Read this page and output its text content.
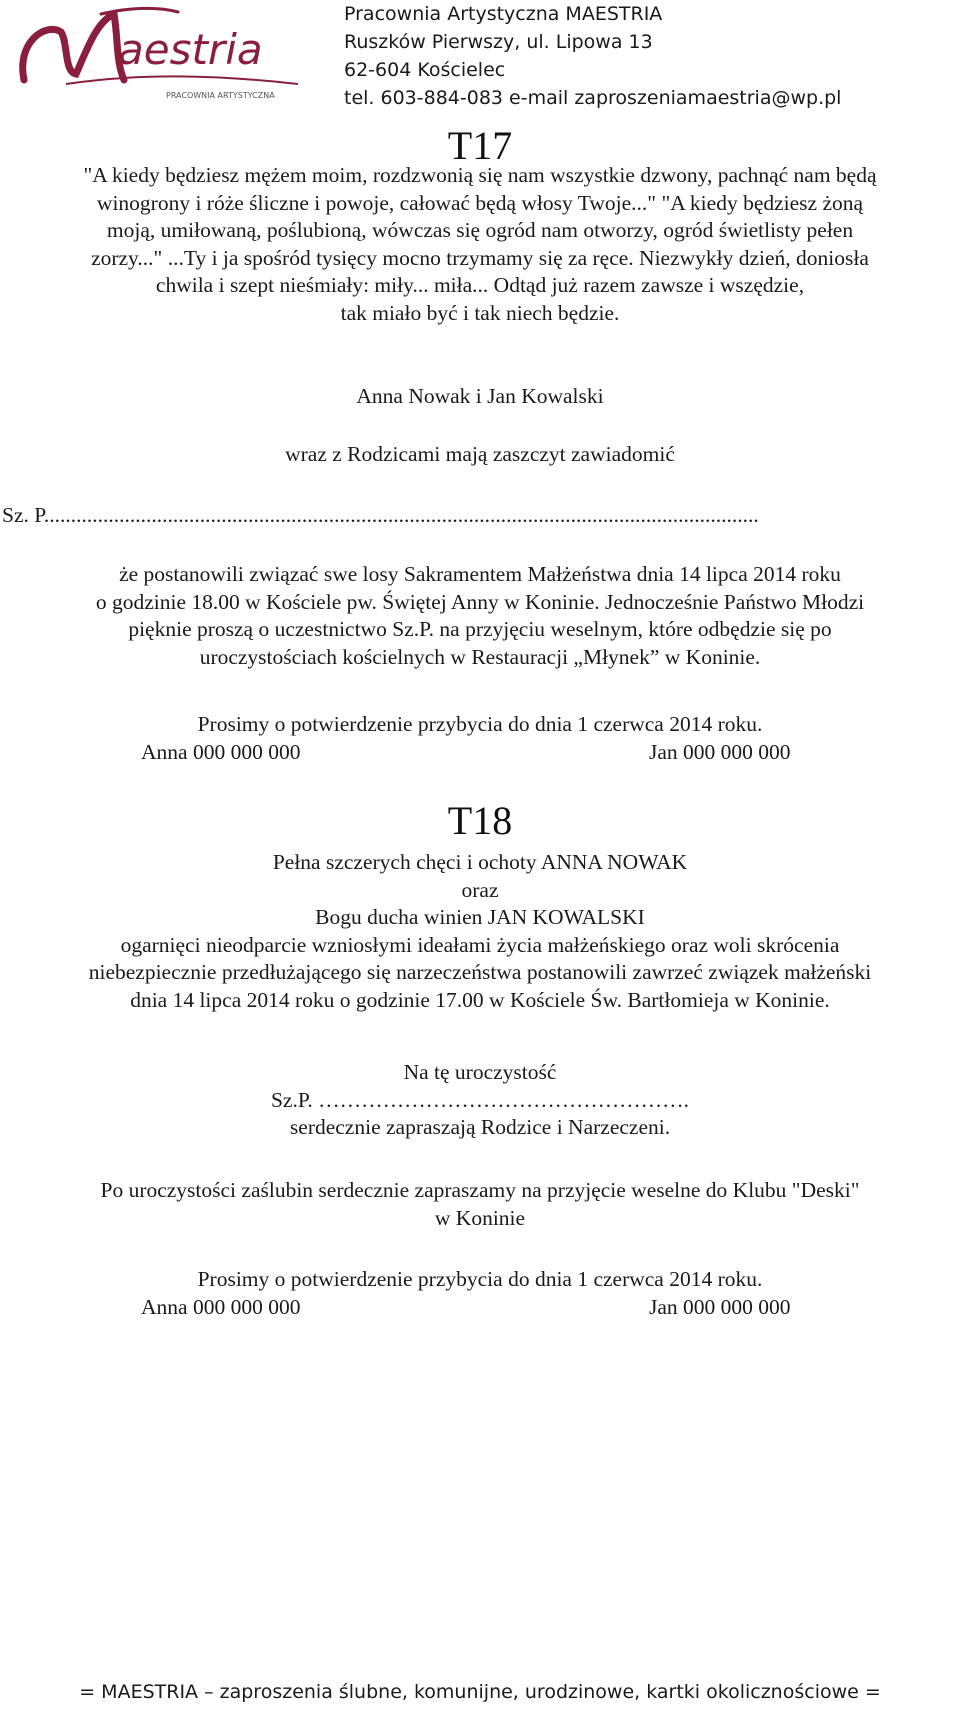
aestria
PRACOWNIA ARTYSTYCZNA
Pracownia Artystyczna MAESTRIA
Ruszków Pierwszy, ul. Lipowa 13
62-604 Kościelec
tel. 603-884-083 e-mail zaproszeniamaestria@wp.pl
T17
"A kiedy będziesz mężem moim, rozdzwonią się nam wszystkie dzwony, pachnąć nam będą
winogrony i róże śliczne i powoje, całować będą włosy Twoje..." "A kiedy będziesz żoną
moją, umiłowaną, poślubioną, wówczas się ogród nam otworzy, ogród świetlisty pełen
zorzy..." ...Ty i ja spośród tysięcy mocno trzymamy się za ręce. Niezwykły dzień, doniosła
chwila i szept nieśmiały: miły... miła... Odtąd już razem zawsze i wszędzie,
tak miało być i tak niech będzie.
Anna Nowak i Jan Kowalski
wraz z Rodzicami mają zaszczyt zawiadomić
Sz. P.....................................................................................................................................
że postanowili związać swe losy Sakramentem Małżeństwa dnia 14 lipca 2014 roku
o godzinie 18.00 w Kościele pw. Świętej Anny w Koninie. Jednocześnie Państwo Młodzi
pięknie proszą o uczestnictwo Sz.P. na przyjęciu weselnym, które odbędzie się po
uroczystościach kościelnych w Restauracji „Młynek” w Koninie.
Prosimy o potwierdzenie przybycia do dnia 1 czerwca 2014 roku.
Anna 000 000 000	Jan 000 000 000
T18
Pełna szczerych chęci i ochoty ANNA NOWAK
oraz
Bogu ducha winien JAN KOWALSKI
ogarnięci nieodparcie wzniosłymi ideałami życia małżeńskiego oraz woli skrócenia
niebezpiecznie przedłużającego się narzeczeństwa postanowili zawrzeć związek małżeński
dnia 14 lipca 2014 roku o godzinie 17.00 w Kościele Św. Bartłomieja w Koninie.
Na tę uroczystość
Sz.P. …………………………………………….
serdecznie zapraszają Rodzice i Narzeczeni.
Po uroczystości zaślubin serdecznie zapraszamy na przyjęcie weselne do Klubu "Deski"
w Koninie
Prosimy o potwierdzenie przybycia do dnia 1 czerwca 2014 roku.
Anna 000 000 000	Jan 000 000 000
= MAESTRIA – zaproszenia ślubne, komunijne, urodzinowe, kartki okolicznościowe =
